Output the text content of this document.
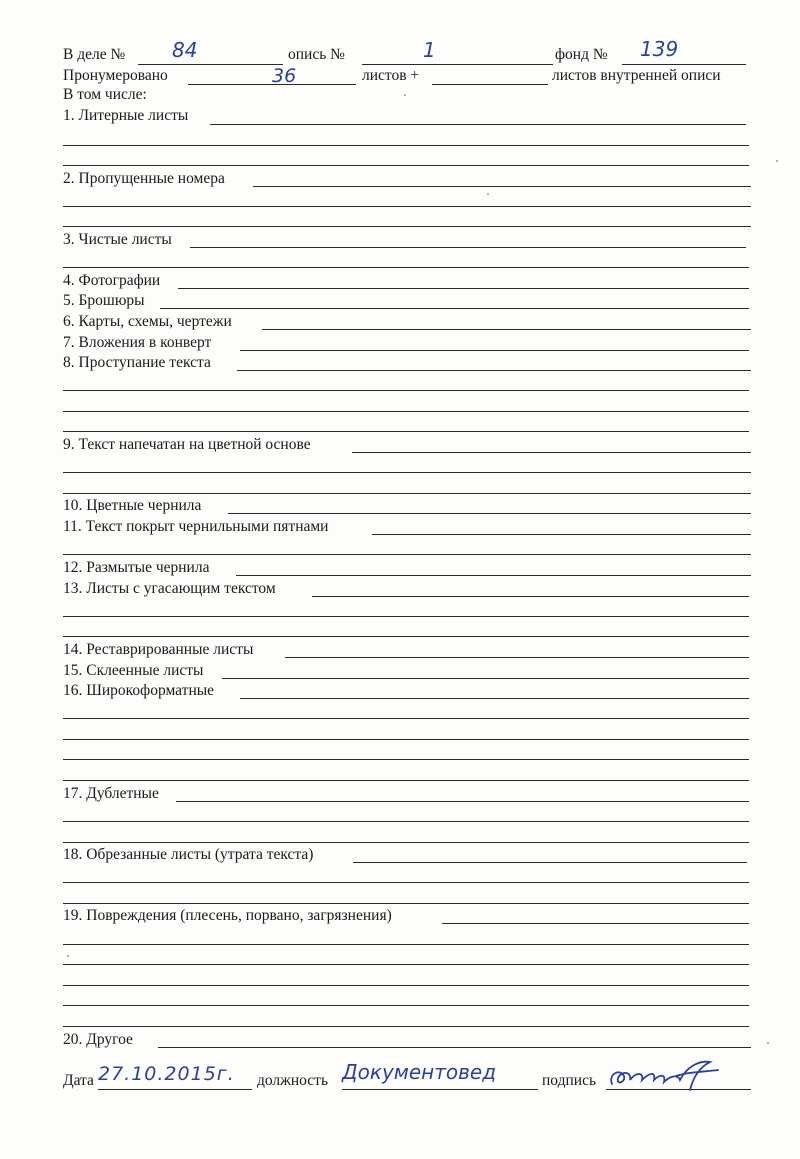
В деле № 84	опись №	1	фонд № 139
Пронумеровано	36	листов +	листов внутренней описи
В том числе:
1. Литерные листы
2. Пропущенные номера
3. Чистые листы
4. Фотографии
5. Брошюры
6. Карты, схемы, чертежи
7. Вложения в конверт
8. Проступание текста
9. Текст напечатан на цветной основе
10. Цветные чернила
11. Текст покрыт чернильными пятнами
12. Размытые чернила
13. Листы с угасающим текстом
14. Реставрированные листы
15. Склеенные листы
16. Широкоформатные
17. Дублетные
18. Обрезанные листы (утрата текста)
19. Повреждения (плесень, порвано, загрязнения)
20. Другое
Дата 27.10.2015г. должность Документовед	подпись
